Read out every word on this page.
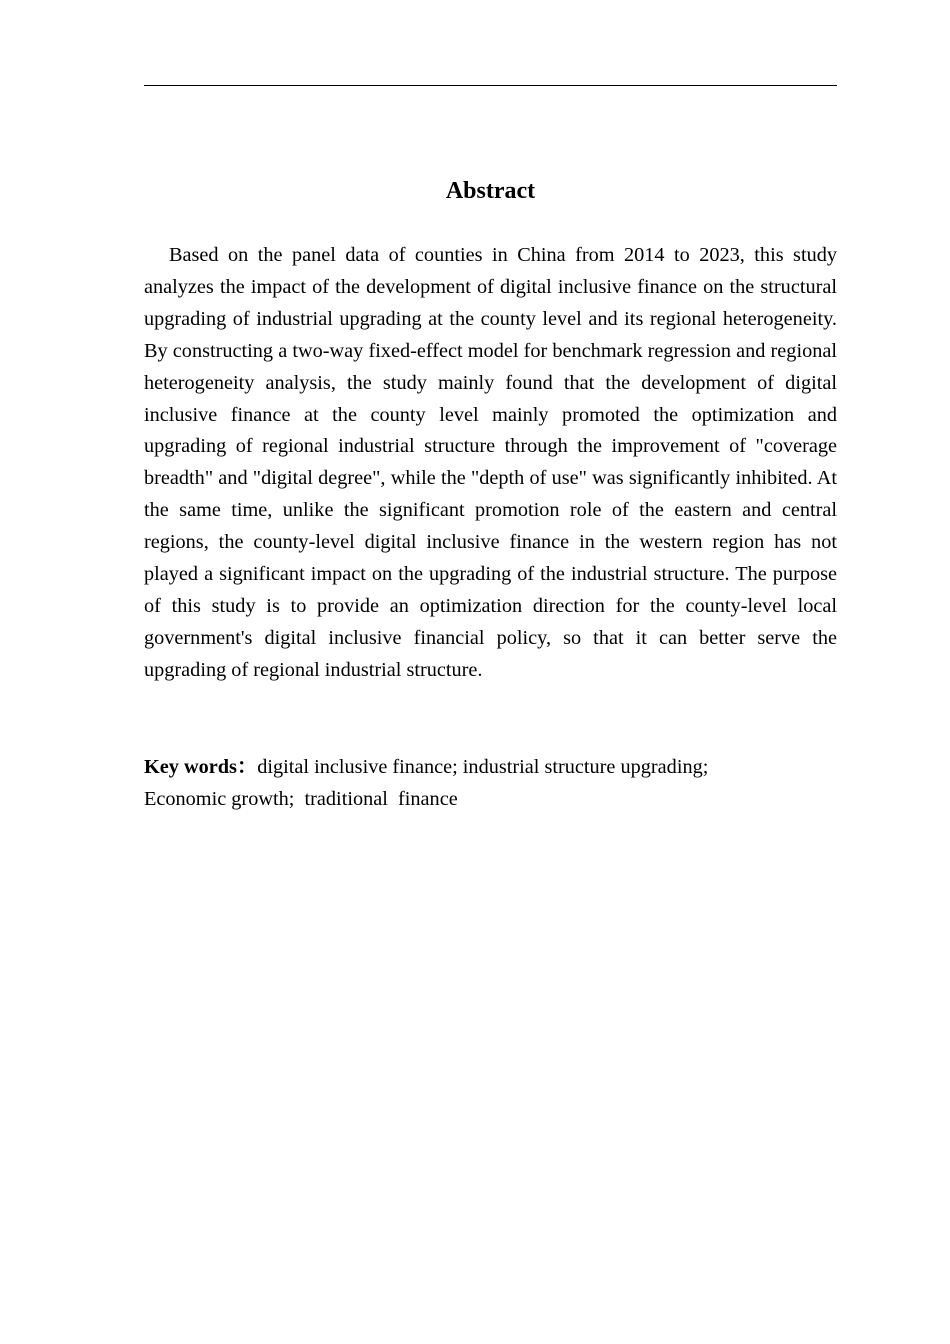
Abstract

Based on the panel data of counties in China from 2014 to 2023, this study analyzes the impact of the development of digital inclusive finance on the structural upgrading of industrial upgrading at the county level and its regional heterogeneity. By constructing a two-way fixed-effect model for benchmark regression and regional heterogeneity analysis, the study mainly found that the development of digital inclusive finance at the county level mainly promoted the optimization and upgrading of regional industrial structure through the improvement of "coverage breadth" and "digital degree", while the "depth of use" was significantly inhibited. At the same time, unlike the significant promotion role of the eastern and central regions, the county-level digital inclusive finance in the western region has not played a significant impact on the upgrading of the industrial structure. The purpose of this study is to provide an optimization direction for the county-level local government's digital inclusive financial policy, so that it can better serve the upgrading of regional industrial structure.

Key words：digital inclusive finance; industrial structure upgrading;
Economic growth;  traditional  finance
